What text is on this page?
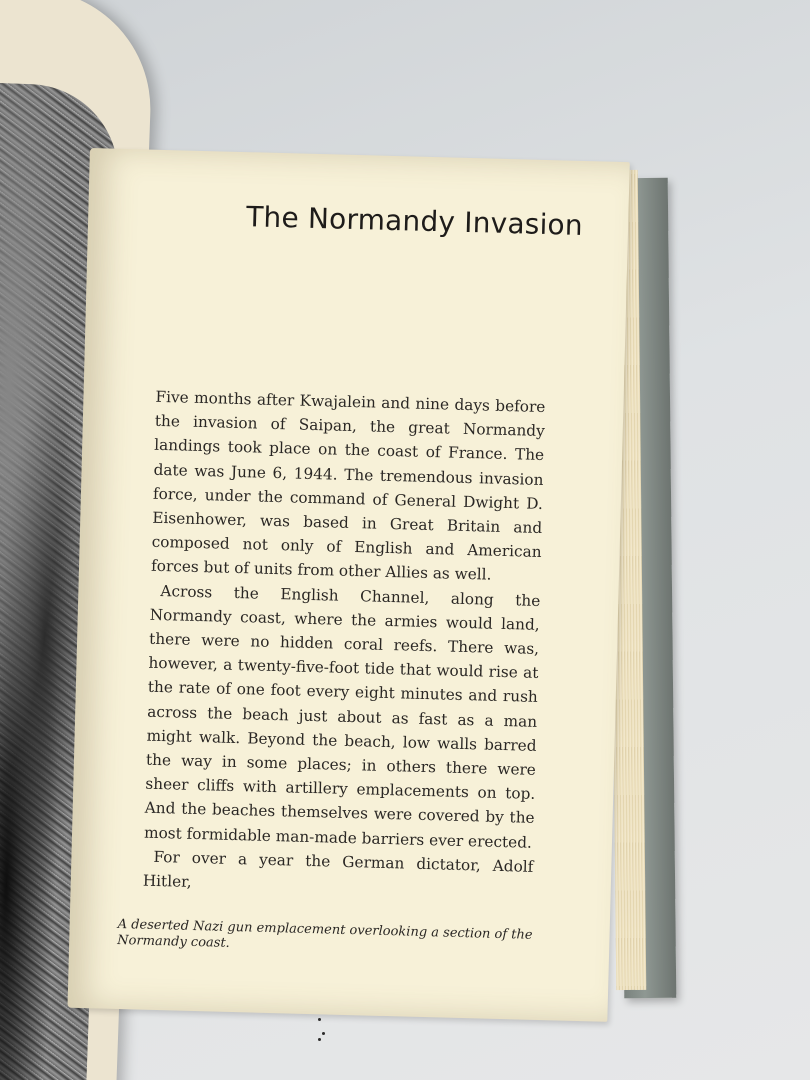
The Normandy Invasion

Five months after Kwajalein and nine days before the invasion of Saipan, the great Normandy landings took place on the coast of France. The date was June 6, 1944. The tremendous invasion force, under the command of General Dwight D. Eisenhower, was based in Great Britain and composed not only of English and American forces but of units from other Allies as well.

Across the English Channel, along the Normandy coast, where the armies would land, there were no hidden coral reefs. There was, however, a twenty-five-foot tide that would rise at the rate of one foot every eight minutes and rush across the beach just about as fast as a man might walk. Beyond the beach, low walls barred the way in some places; in others there were sheer cliffs with artillery emplacements on top. And the beaches themselves were covered by the most formidable man-made barriers ever erected.

For over a year the German dictator, Adolf Hitler,

A deserted Nazi gun emplacement overlooking a section of the Normandy coast.
